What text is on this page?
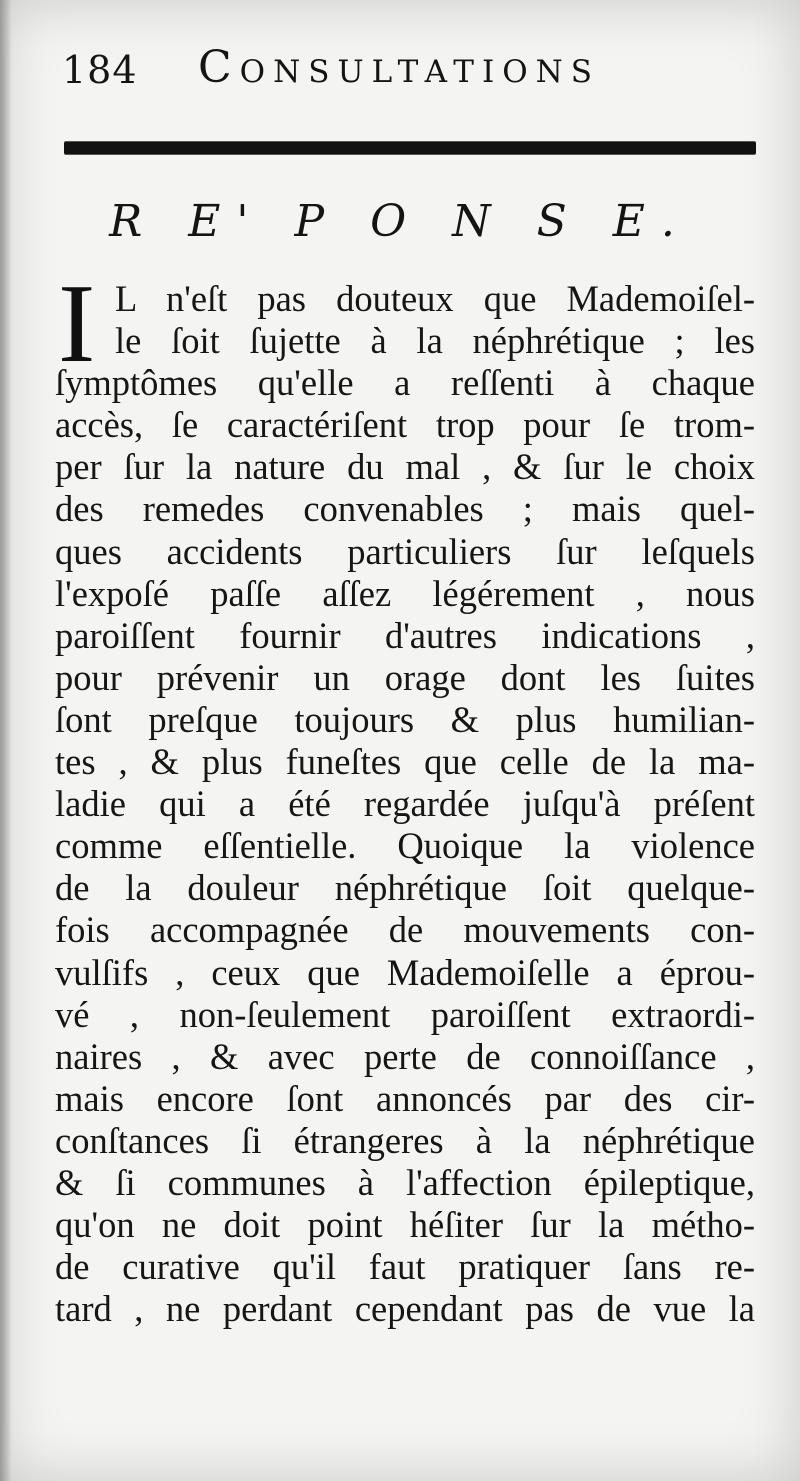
184 Consultations
R E' P O N S E.
I L n'eſt pas douteux que Mademoiſel-
le ſoit ſujette à la néphrétique ; les
ſymptômes qu'elle a reſſenti à chaque
accès, ſe caractériſent trop pour ſe trom-
per ſur la nature du mal , & ſur le choix
des remedes convenables ; mais quel-
ques accidents particuliers ſur leſquels
l'expoſé paſſe aſſez légérement , nous
paroiſſent fournir d'autres indications ,
pour prévenir un orage dont les ſuites
ſont preſque toujours & plus humilian-
tes , & plus funeſtes que celle de la ma-
ladie qui a été regardée juſqu'à préſent
comme eſſentielle. Quoique la violence
de la douleur néphrétique ſoit quelque-
fois accompagnée de mouvements con-
vulſifs , ceux que Mademoiſelle a éprou-
vé , non-ſeulement paroiſſent extraordi-
naires , & avec perte de connoiſſance ,
mais encore ſont annoncés par des cir-
conſtances ſi étrangeres à la néphrétique
& ſi communes à l'affection épileptique,
qu'on ne doit point héſiter ſur la métho-
de curative qu'il faut pratiquer ſans re-
tard , ne perdant cependant pas de vue la
